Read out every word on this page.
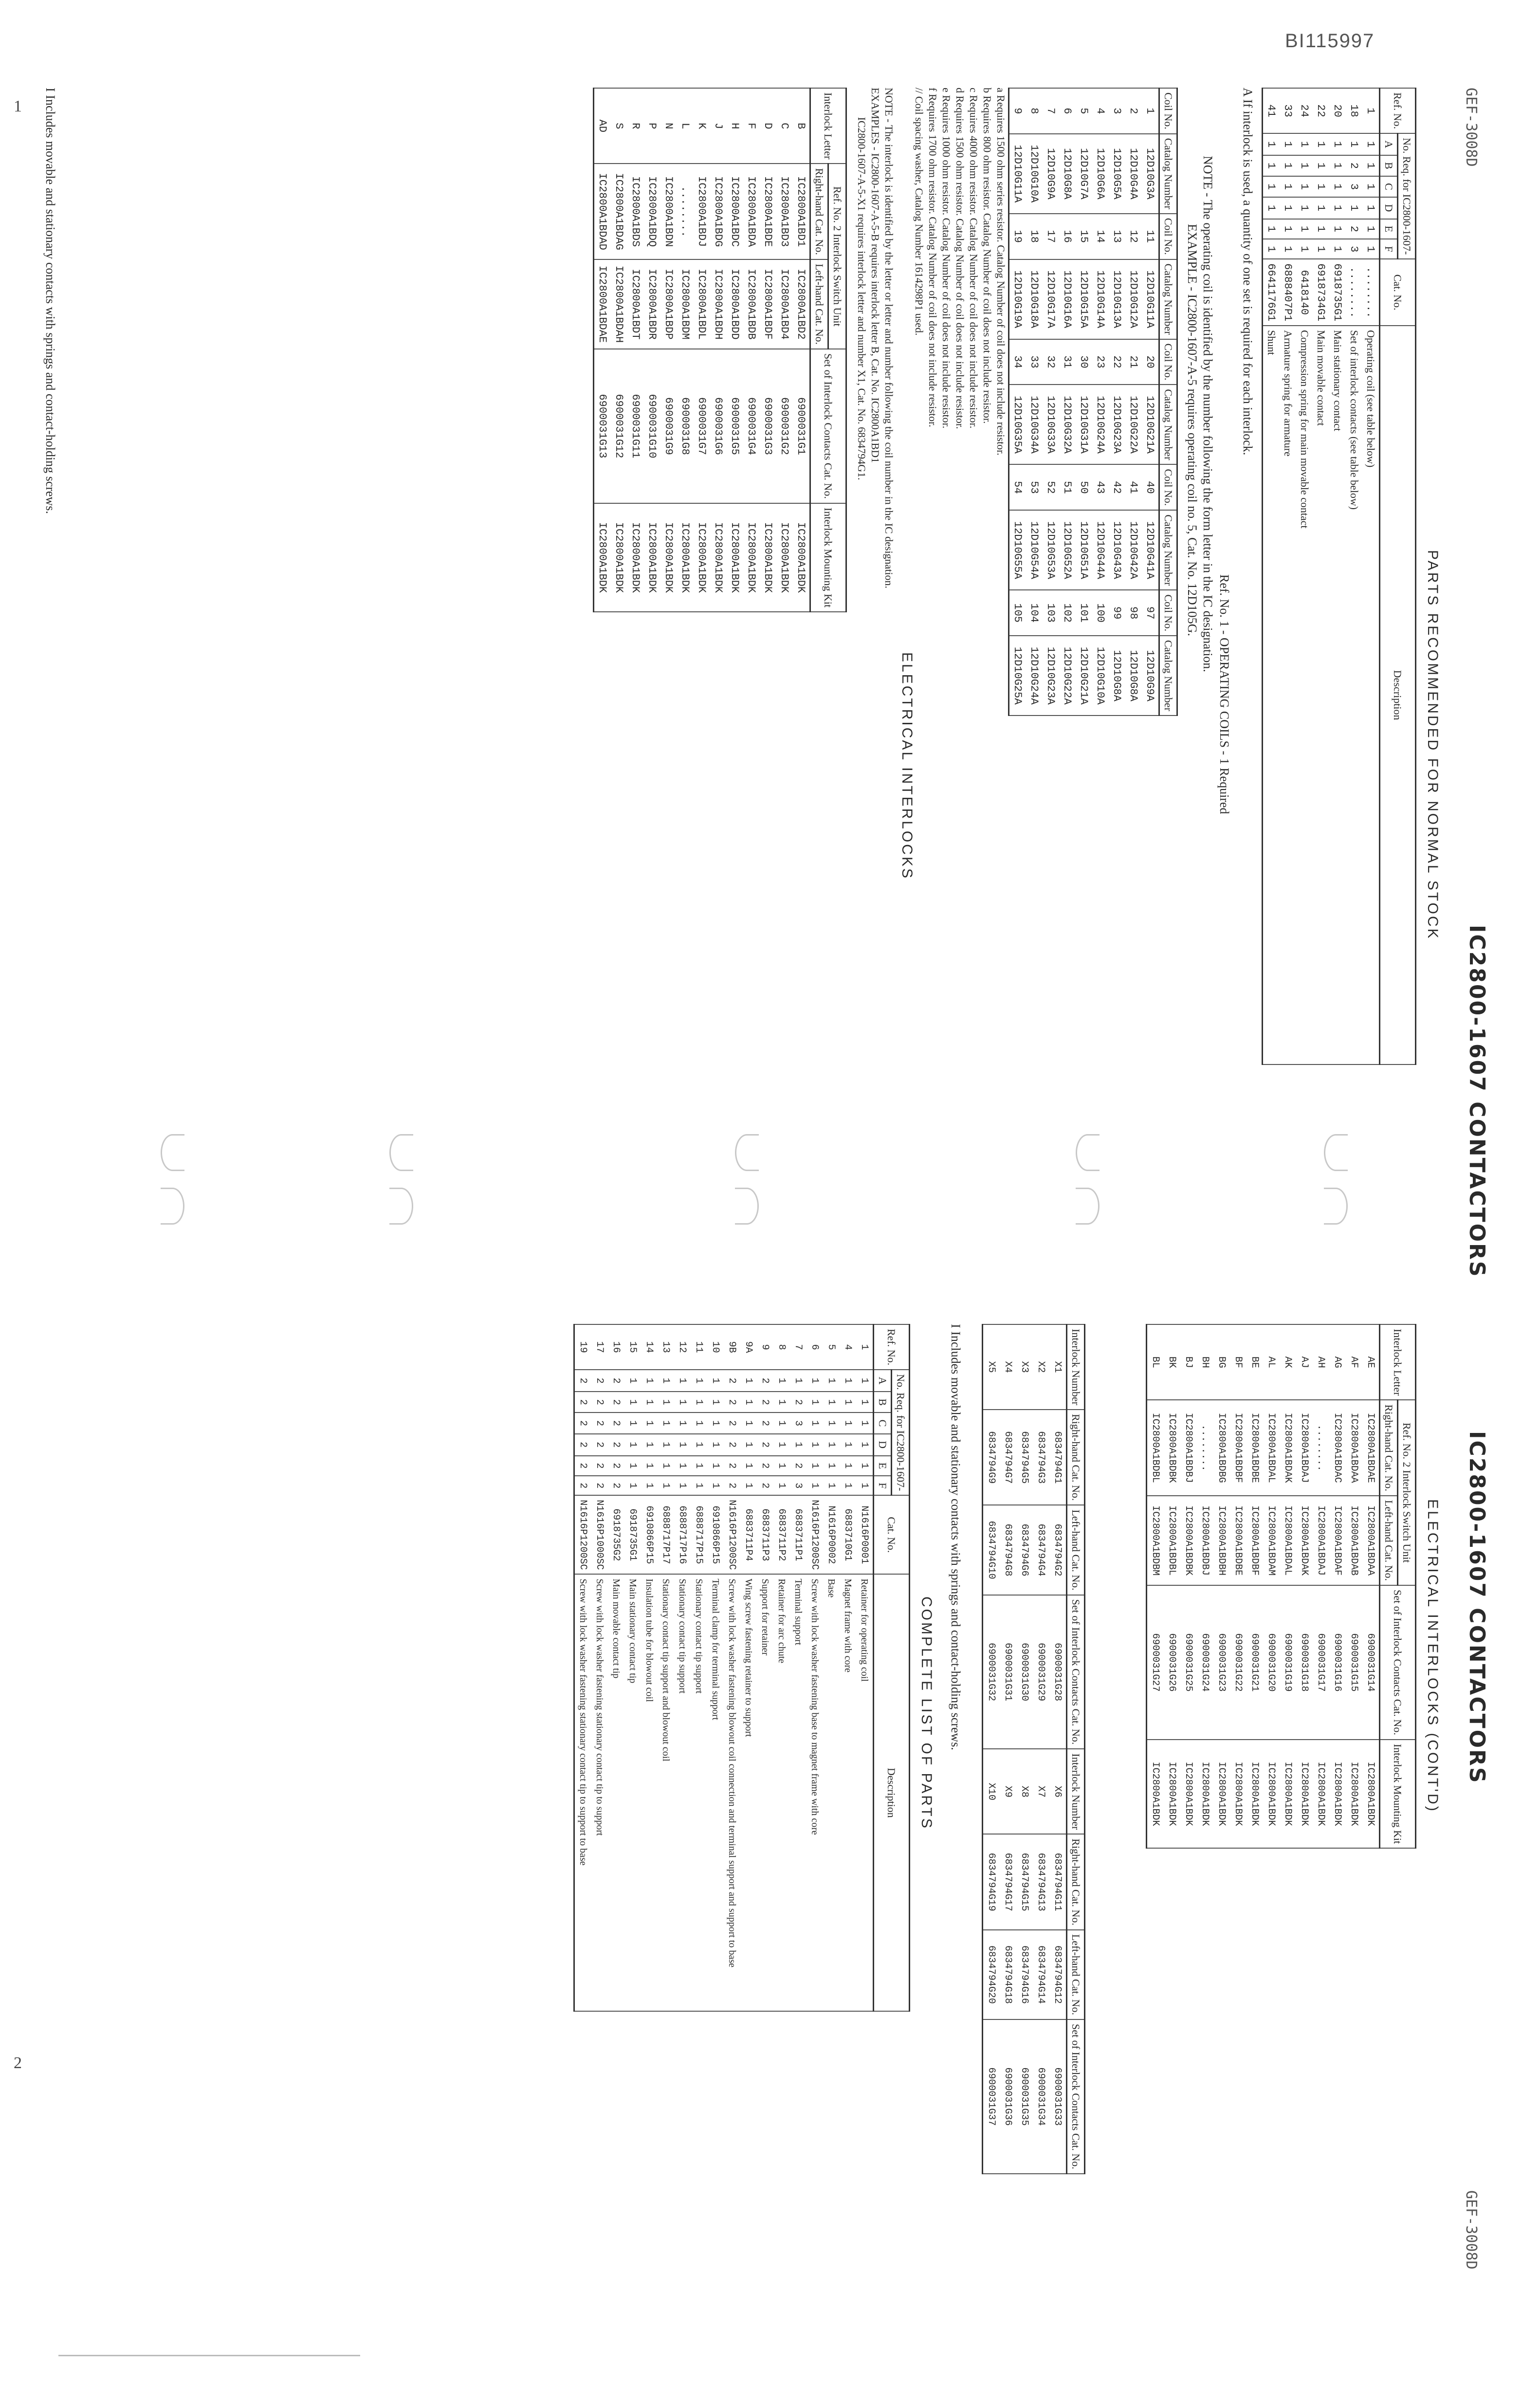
BI115997
1
2
GEF-3008D
IC2800-1607 CONTACTORS
PARTS RECOMMENDED FOR NORMAL STOCK
Ref. No.	No. Req. for IC2800-1607-						Cat. No.	Description
	A	B	C	D	E	F		
1	1	1	1	1	1	1	........	Operating coil (see table below)
18	1	2	3	1	2	3	........	Set of interlock contacts (see table below)
20	1	1	1	1	1	1	6918735G1	Main stationary contact
22	1	1	1	1	1	1	6918734G1	Main movable contact
24	1	1	1	1	1	1	6418140	Compression spring for main movable contact
33	1	1	1	1	1	1	6888407P1	Armature spring for armature
41	1	1	1	1	1	1	6641176G1	Shunt
A If interlock is used, a quantity of one set is required for each interlock.
Ref. No. 1 - OPERATING COILS - 1 Required
NOTE - The operating coil is identified by the number following the form letter in the IC designation.
EXAMPLE - IC2800-1607-A-5 requires operating coil no. 5, Cat. No. 12D105G.
Coil No.	Catalog Number	Coil No.	Catalog Number	Coil No.	Catalog Number	Coil No.	Catalog Number	Coil No.	Catalog Number
1	12D10G3A	11	12D10G11A	20	12D10G21A	40	12D10G41A	97	12D10G9A
2	12D10G4A	12	12D10G12A	21	12D10G22A	41	12D10G42A	98	12D10G8A
3	12D10G5A	13	12D10G13A	22	12D10G23A	42	12D10G43A	99	12D10G8A
4	12D10G6A	14	12D10G14A	23	12D10G24A	43	12D10G44A	100	12D10G10A
5	12D10G7A	15	12D10G15A	30	12D10G31A	50	12D10G51A	101	12D10G21A
6	12D10G8A	16	12D10G16A	31	12D10G32A	51	12D10G52A	102	12D10G22A
7	12D10G9A	17	12D10G17A	32	12D10G33A	52	12D10G53A	103	12D10G23A
8	12D10G10A	18	12D10G18A	33	12D10G34A	53	12D10G54A	104	12D10G24A
9	12D10G11A	19	12D10G19A	34	12D10G35A	54	12D10G55A	105	12D10G25A
a Requires 1500 ohm series resistor. Catalog Number of coil does not include resistor.
b Requires 800 ohm resistor. Catalog Number of coil does not include resistor.
c Requires 4000 ohm resistor. Catalog Number of coil does not include resistor.
d Requires 1500 ohm resistor. Catalog Number of coil does not include resistor.
e Requires 1000 ohm resistor. Catalog Number of coil does not include resistor.
f Requires 1700 ohm resistor. Catalog Number of coil does not include resistor.
// Coil spacing washer, Catalog Number 1614298P1 used.
ELECTRICAL INTERLOCKS
NOTE - The interlock is identified by the letter or letter and number following the coil number in the IC designation.
EXAMPLES - IC2800-1607-A-5-B requires interlock letter B, Cat. No. IC2800A1BD1
IC2800-1607-A-5-X1 requires interlock letter and number X1, Cat. No. 6834794G1.
Interlock Letter	Ref. No. 2 Interlock Switch Unit		Set of Interlock Contacts Cat. No.	Interlock Mounting Kit
	Right-hand Cat. No.	Left-hand Cat. No.		
B	IC2800A1BD1	IC2800A1BD2	6900031G1	IC2800A1BDK
C	IC2800A1BD3	IC2800A1BD4	6900031G2	IC2800A1BDK
D	IC2800A1BDE	IC2800A1BDF	6900031G3	IC2800A1BDK
F	IC2800A1BDA	IC2800A1BDB	6900031G4	IC2800A1BDK
H	IC2800A1BDC	IC2800A1BDD	6900031G5	IC2800A1BDK
J	IC2800A1BDG	IC2800A1BDH	6900031G6	IC2800A1BDK
K	IC2800A1BDJ	IC2800A1BDL	6900031G7	IC2800A1BDK
L	........	IC2800A1BDM	6900031G8	IC2800A1BDK
N	IC2800A1BDN	IC2800A1BDP	6900031G9	IC2800A1BDK
P	IC2800A1BDQ	IC2800A1BDR	6900031G10	IC2800A1BDK
R	IC2800A1BDS	IC2800A1BDT	6900031G11	IC2800A1BDK
S	IC2800A1BDAG	IC2800A1BDAH	6900031G12	IC2800A1BDK
AD	IC2800A1BDAD	IC2800A1BDAE	6900031G13	IC2800A1BDK
I Includes movable and stationary contacts with springs and contact-holding screws.
IC2800-1607 CONTACTORS
GEF-3008D
ELECTRICAL INTERLOCKS (CONT'D)
Interlock Letter	Ref. No. 2 Interlock Switch Unit		Set of Interlock Contacts Cat. No.	Interlock Mounting Kit
	Right-hand Cat. No.	Left-hand Cat. No.		
AE	IC2800A1BDAE	IC2800A1BDAA	6900031G14	IC2800A1BDK
AF	IC2800A1BDAA	IC2800A1BDAB	6900031G15	IC2800A1BDK
AG	IC2800A1BDAC	IC2800A1BDAF	6900031G16	IC2800A1BDK
AH	........	IC2800A1BDAJ	6900031G17	IC2800A1BDK
AJ	IC2800A1BDAJ	IC2800A1BDAK	6900031G18	IC2800A1BDK
AK	IC2800A1BDAK	IC2800A1BDAL	6900031G19	IC2800A1BDK
AL	IC2800A1BDAL	IC2800A1BDAM	6900031G20	IC2800A1BDK
BE	IC2800A1BDBE	IC2800A1BDBF	6900031G21	IC2800A1BDK
BF	IC2800A1BDBF	IC2800A1BDBE	6900031G22	IC2800A1BDK
BG	IC2800A1BDBG	IC2800A1BDBH	6900031G23	IC2800A1BDK
BH	........	IC2800A1BDBJ	6900031G24	IC2800A1BDK
BJ	IC2800A1BDBJ	IC2800A1BDBK	6900031G25	IC2800A1BDK
BK	IC2800A1BDBK	IC2800A1BDBL	6900031G26	IC2800A1BDK
BL	IC2800A1BDBL	IC2800A1BDBM	6900031G27	IC2800A1BDK
Interlock Number	Right-hand Cat. No.	Left-hand Cat. No.	Set of Interlock Contacts Cat. No.	Interlock Number	Right-hand Cat. No.	Left-hand Cat. No.	Set of Interlock Contacts Cat. No.
X1	6834794G1	6834794G2	6900031G28	X6	6834794G11	6834794G12	6900031G33
X2	6834794G3	6834794G4	6900031G29	X7	6834794G13	6834794G14	6900031G34
X3	6834794G5	6834794G6	6900031G30	X8	6834794G15	6834794G16	6900031G35
X4	6834794G7	6834794G8	6900031G31	X9	6834794G17	6834794G18	6900031G36
X5	6834794G9	6834794G10	6900031G32	X10	6834794G19	6834794G20	6900031G37
I Includes movable and stationary contacts with springs and contact-holding screws.
COMPLETE LIST OF PARTS
Ref. No.	No. Req. for IC2800-1607-						Cat. No.	Description
	A	B	C	D	E	F		
1	1	1	1	1	1	1	N1616P0001	Retainer for operating coil
4	1	1	1	1	1	1	6883710G1	Magnet frame with core
5	1	1	1	1	1	1	N1616P0002	Base
6	1	1	1	1	1	1	N1616P1200SC	Screw with lock washer fastening base to magnet frame with core
7	1	2	3	1	2	3	6883711P1	Terminal support
8	1	1	1	1	1	1	6883711P2	Retainer for arc chute
9	2	2	2	2	2	2	6883711P3	Support for retainer
9A	1	1	1	1	1	1	6883711P4	Wing screw fastening retainer to support
9B	2	2	2	2	2	2	N1616P1200SC	Screw with lock washer fastening blowout coil connection and terminal support and support to base
10	1	1	1	1	1	1	6910866P15	Terminal clamp for terminal support
11	1	1	1	1	1	1	6888717P15	Stationary contact tip support
12	1	1	1	1	1	1	6888717P16	Stationary contact tip support
13	1	1	1	1	1	1	6888717P17	Stationary contact tip support and blowout coil
14	1	1	1	1	1	1	6910866P15	Insulation tube for blowout coil
15	1	1	1	1	1	1	6918735G1	Main stationary contact tip
16	2	2	2	2	2	2	6918735G2	Main movable contact tip
17	2	2	2	2	2	2	N1616P1000SC	Screw with lock washer fastening stationary contact tip to support
19	2	2	2	2	2	2	N1616P1200SC	Screw with lock washer fastening stationary contact tip to support to base
